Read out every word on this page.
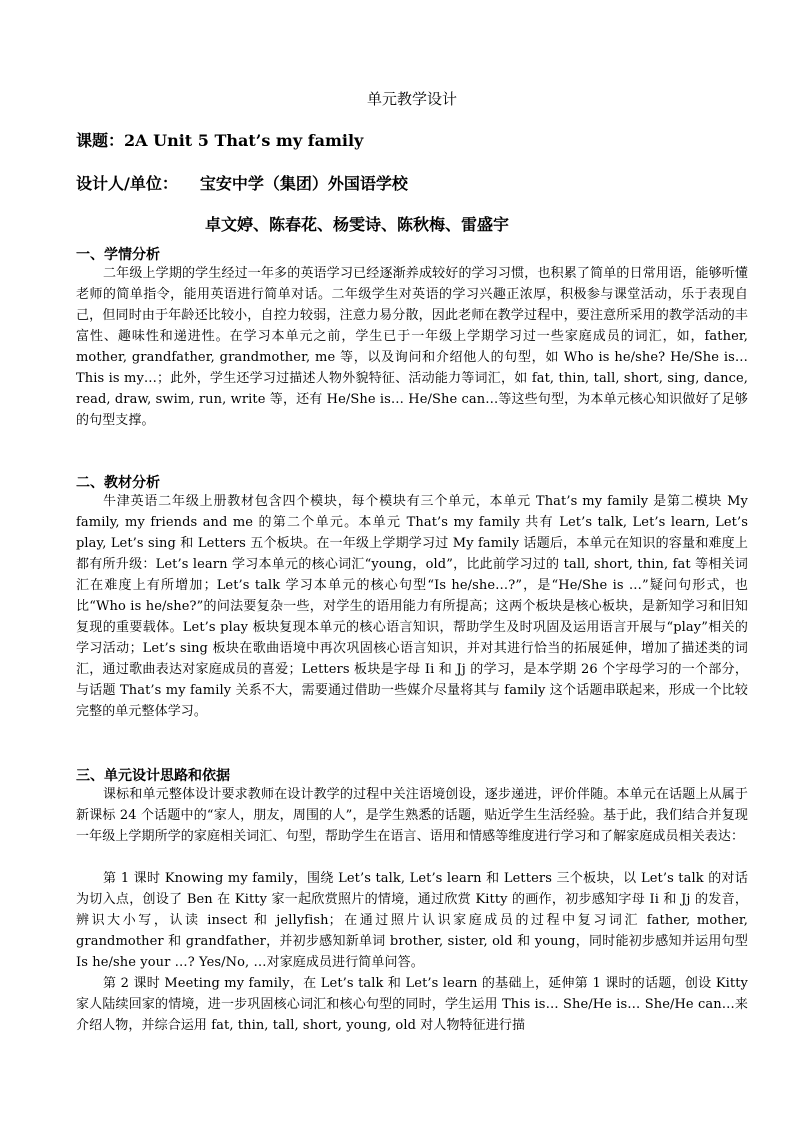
单元教学设计
课题：2A Unit 5 That’s my family
设计人/单位： 宝安中学（集团）外国语学校
卓文婷、陈春花、杨雯诗、陈秋梅、雷盛宇
一、学情分析
二年级上学期的学生经过一年多的英语学习已经逐渐养成较好的学习习惯，也积累了简单的日常用语，能够听懂老师的简单指令，能用英语进行简单对话。二年级学生对英语的学习兴趣正浓厚，积极参与课堂活动，乐于表现自己，但同时由于年龄还比较小，自控力较弱，注意力易分散，因此老师在教学过程中，要注意所采用的教学活动的丰富性、趣味性和递进性。在学习本单元之前，学生已于一年级上学期学习过一些家庭成员的词汇，如，father, mother, grandfather, grandmother, me 等，以及询问和介绍他人的句型，如 Who is he/she? He/She is… This is my…；此外，学生还学习过描述人物外貌特征、活动能力等词汇，如 fat, thin, tall, short, sing, dance, read, draw, swim, run, write 等，还有 He/She is… He/She can…等这些句型，为本单元核心知识做好了足够的句型支撑。
二、教材分析
牛津英语二年级上册教材包含四个模块，每个模块有三个单元，本单元 That’s my family 是第二模块 My family, my friends and me 的第二个单元。本单元 That’s my family 共有 Let’s talk, Let’s learn, Let’s play, Let’s sing 和 Letters 五个板块。在一年级上学期学习过 My family 话题后，本单元在知识的容量和难度上都有所升级：Let’s learn 学习本单元的核心词汇“young，old”，比此前学习过的 tall, short, thin, fat 等相关词汇在难度上有所增加；Let’s talk 学习本单元的核心句型“Is he/she…?”，是“He/She is …”疑问句形式，也比“Who is he/she?”的问法要复杂一些，对学生的语用能力有所提高；这两个板块是核心板块，是新知学习和旧知复现的重要载体。Let’s play 板块复现本单元的核心语言知识，帮助学生及时巩固及运用语言开展与“play”相关的学习活动；Let’s sing 板块在歌曲语境中再次巩固核心语言知识，并对其进行恰当的拓展延伸，增加了描述类的词汇，通过歌曲表达对家庭成员的喜爱；Letters 板块是字母 Ii 和 Jj 的学习，是本学期 26 个字母学习的一个部分，与话题 That’s my family 关系不大，需要通过借助一些媒介尽量将其与 family 这个话题串联起来，形成一个比较完整的单元整体学习。
三、单元设计思路和依据
课标和单元整体设计要求教师在设计教学的过程中关注语境创设，逐步递进，评价伴随。本单元在话题上从属于新课标 24 个话题中的“家人，朋友，周围的人”，是学生熟悉的话题，贴近学生生活经验。基于此，我们结合并复现一年级上学期所学的家庭相关词汇、句型，帮助学生在语言、语用和情感等维度进行学习和了解家庭成员相关表达：
第 1 课时 Knowing my family，围绕 Let’s talk, Let’s learn 和 Letters 三个板块，以 Let’s talk 的对话为切入点，创设了 Ben 在 Kitty 家一起欣赏照片的情境，通过欣赏 Kitty 的画作，初步感知字母 Ii 和 Jj 的发音，辨识大小写，认读 insect 和 jellyfish；在通过照片认识家庭成员的过程中复习词汇 father, mother, grandmother 和 grandfather，并初步感知新单词 brother, sister, old 和 young，同时能初步感知并运用句型 Is he/she your …? Yes/No, …对家庭成员进行简单问答。
第 2 课时 Meeting my family，在 Let’s talk 和 Let’s learn 的基础上，延伸第 1 课时的话题，创设 Kitty 家人陆续回家的情境，进一步巩固核心词汇和核心句型的同时，学生运用 This is… She/He is… She/He can…来介绍人物，并综合运用 fat, thin, tall, short, young, old 对人物特征进行描
